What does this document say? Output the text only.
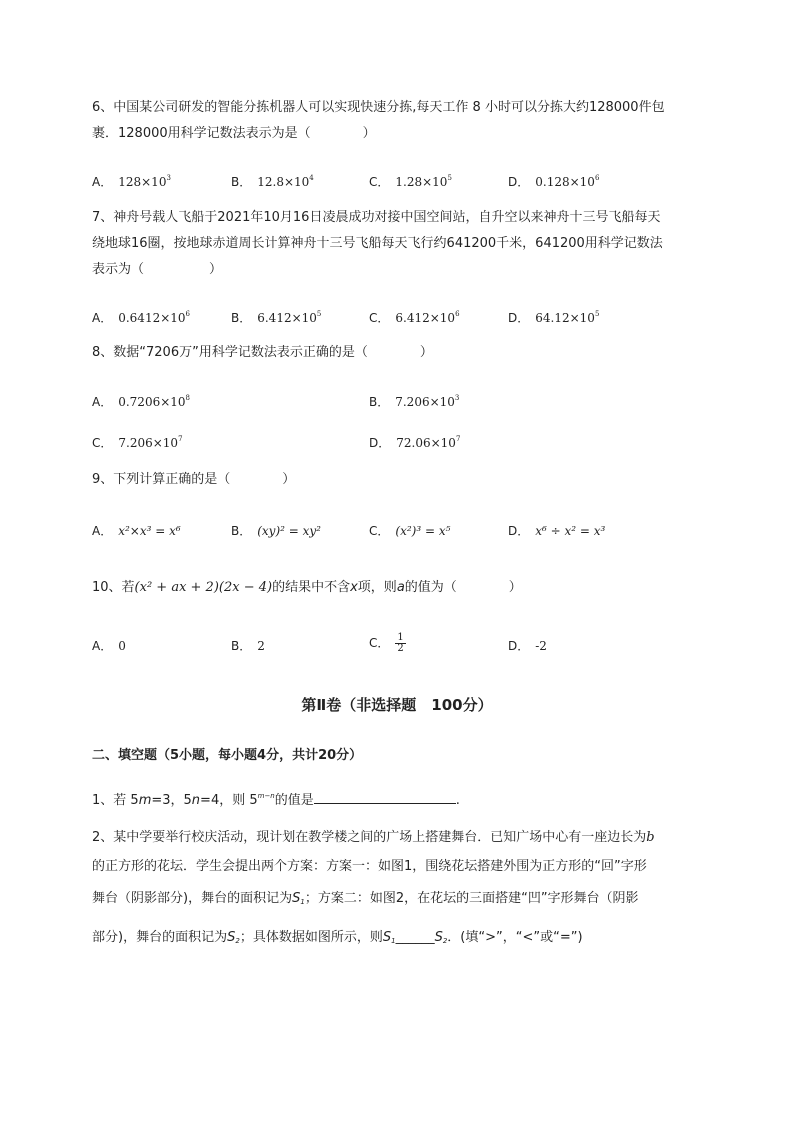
6、中国某公司研发的智能分拣机器人可以实现快速分拣,每天工作 8 小时可以分拣大约128000件包
裹．128000用科学记数法表示为是（　　　　）
A． $128\times 10^3$	B． $12.8\times 10^4$	C． $1.28\times 10^5$	D． $0.128\times 10^6$
7、神舟号载人飞船于2021年10月16日凌晨成功对接中国空间站，自升空以来神舟十三号飞船每天
绕地球16圈，按地球赤道周长计算神舟十三号飞船每天飞行约641200千米，641200用科学记数法
表示为（　　　　　）
A． $0.6412\times 10^6$	B． $6.412\times 10^5$	C． $6.412\times 10^6$	D． $64.12\times 10^5$
8、数据“7206万”用科学记数法表示正确的是（　　　　）
A． $0.7206\times 10^8$	B． $7.206\times 10^3$
C． $7.206\times 10^7$	D． $72.06\times 10^7$
9、下列计算正确的是（　　　　）
A． x²×x³ = x⁶	B． (xy)² = xy²	C． (x²)³ = x⁵	D． x⁶ ÷ x² = x³
10、若(x² + ax + 2)(2x − 4)的结果中不含x项，则a的值为（　　　　）
A． 0	B． 2	C． $\frac{1}{2}$	D． -2
第Ⅱ卷（非选择题　100分）
二、填空题（5小题，每小题4分，共计20分）
1、若 5m=3，5n=4，则 $5^{m-n}$的值是	.
2、某中学要举行校庆活动，现计划在教学楼之间的广场上搭建舞台．已知广场中心有一座边长为b
的正方形的花坛．学生会提出两个方案：方案一：如图1，围绕花坛搭建外围为正方形的“回”字形
舞台（阴影部分)，舞台的面积记为$S_1$；方案二：如图2，在花坛的三面搭建“凹”字形舞台（阴影
部分)，舞台的面积记为$S_2$；具体数据如图所示，则$S_1\_\_\_\_\_\_S_2$．(填“>”，“<”或“=”)
